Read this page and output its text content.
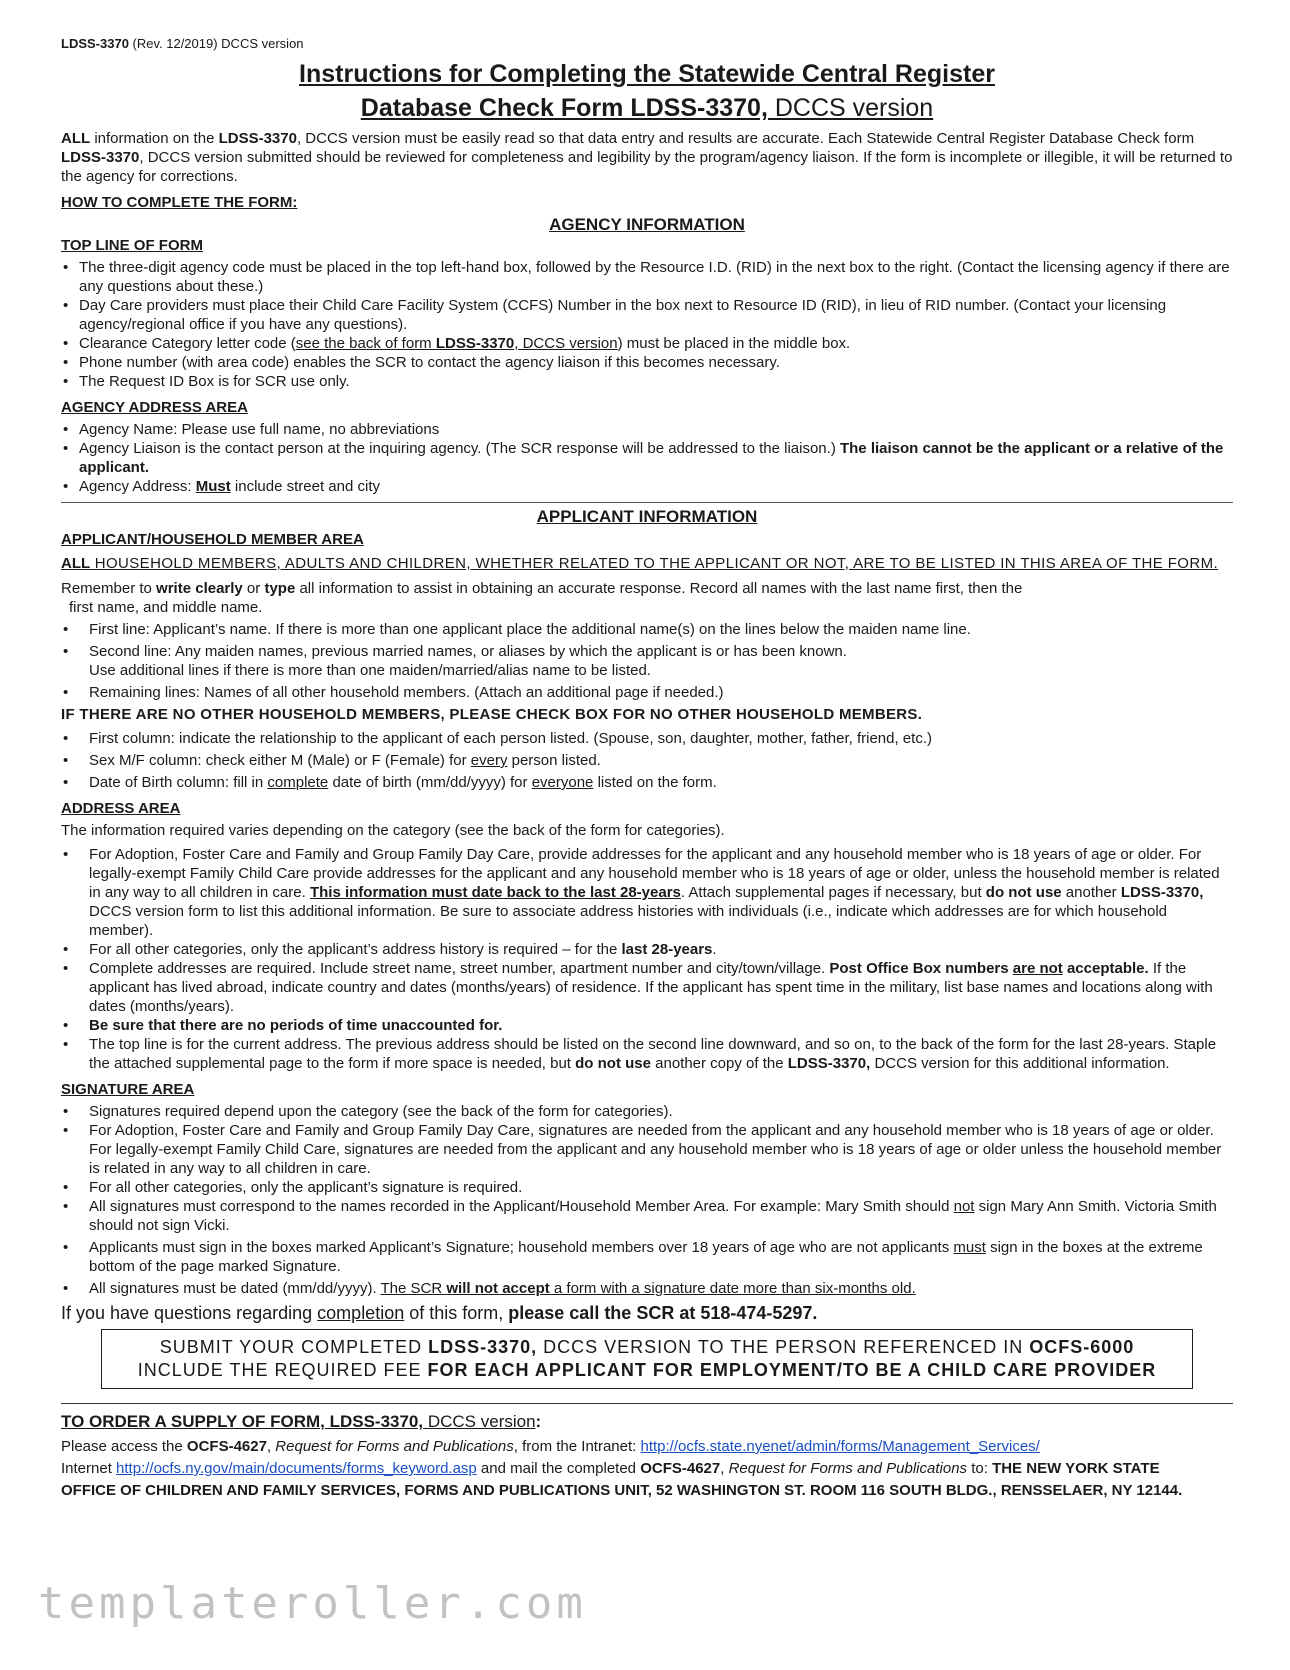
LDSS-3370 (Rev. 12/2019) DCCS version
Instructions for Completing the Statewide Central Register
Database Check Form LDSS-3370, DCCS version

ALL information on the LDSS-3370, DCCS version must be easily read so that data entry and results are accurate. Each Statewide Central Register Database Check form LDSS-3370, DCCS version submitted should be reviewed for completeness and legibility by the program/agency liaison. If the form is incomplete or illegible, it will be returned to the agency for corrections.

HOW TO COMPLETE THE FORM:
AGENCY INFORMATION
TOP LINE OF FORM
• The three-digit agency code must be placed in the top left-hand box, followed by the Resource I.D. (RID) in the next box to the right. (Contact the licensing agency if there are any questions about these.)
• Day Care providers must place their Child Care Facility System (CCFS) Number in the box next to Resource ID (RID), in lieu of RID number. (Contact your licensing agency/regional office if you have any questions).
• Clearance Category letter code (see the back of form LDSS-3370, DCCS version) must be placed in the middle box.
• Phone number (with area code) enables the SCR to contact the agency liaison if this becomes necessary.
• The Request ID Box is for SCR use only.
AGENCY ADDRESS AREA
• Agency Name: Please use full name, no abbreviations
• Agency Liaison is the contact person at the inquiring agency. (The SCR response will be addressed to the liaison.) The liaison cannot be the applicant or a relative of the applicant.
• Agency Address: Must include street and city
APPLICANT INFORMATION
APPLICANT/HOUSEHOLD MEMBER AREA

ALL HOUSEHOLD MEMBERS, ADULTS AND CHILDREN, WHETHER RELATED TO THE APPLICANT OR NOT, ARE TO BE LISTED IN THIS AREA OF THE FORM.

Remember to write clearly or type all information to assist in obtaining an accurate response. Record all names with the last name first, then the
first name, and middle name.

• First line: Applicant’s name. If there is more than one applicant place the additional name(s) on the lines below the maiden name line.
• Second line: Any maiden names, previous married names, or aliases by which the applicant is or has been known.
Use additional lines if there is more than one maiden/married/alias name to be listed.
• Remaining lines: Names of all other household members. (Attach an additional page if needed.)
IF THERE ARE NO OTHER HOUSEHOLD MEMBERS, PLEASE CHECK BOX FOR NO OTHER HOUSEHOLD MEMBERS.
• First column: indicate the relationship to the applicant of each person listed. (Spouse, son, daughter, mother, father, friend, etc.)
• Sex M/F column: check either M (Male) or F (Female) for every person listed.
• Date of Birth column: fill in complete date of birth (mm/dd/yyyy) for everyone listed on the form.
ADDRESS AREA

The information required varies depending on the category (see the back of the form for categories).

• For Adoption, Foster Care and Family and Group Family Day Care, provide addresses for the applicant and any household member who is 18 years of age or older. For legally-exempt Family Child Care provide addresses for the applicant and any household member who is 18 years of age or older, unless the household member is related in any way to all children in care. This information must date back to the last 28-years. Attach supplemental pages if necessary, but do not use another LDSS-3370, DCCS version form to list this additional information. Be sure to associate address histories with individuals (i.e., indicate which addresses are for which household member).
• For all other categories, only the applicant’s address history is required – for the last 28-years.
• Complete addresses are required. Include street name, street number, apartment number and city/town/village. Post Office Box numbers are not acceptable. If the applicant has lived abroad, indicate country and dates (months/years) of residence. If the applicant has spent time in the military, list base names and locations along with dates (months/years).
• Be sure that there are no periods of time unaccounted for.
• The top line is for the current address. The previous address should be listed on the second line downward, and so on, to the back of the form for the last 28-years. Staple the attached supplemental page to the form if more space is needed, but do not use another copy of the LDSS-3370, DCCS version for this additional information.
SIGNATURE AREA
• Signatures required depend upon the category (see the back of the form for categories).
• For Adoption, Foster Care and Family and Group Family Day Care, signatures are needed from the applicant and any household member who is 18 years of age or older. For legally-exempt Family Child Care, signatures are needed from the applicant and any household member who is 18 years of age or older unless the household member is related in any way to all children in care.
• For all other categories, only the applicant’s signature is required.
• All signatures must correspond to the names recorded in the Applicant/Household Member Area. For example: Mary Smith should not sign Mary Ann Smith. Victoria Smith should not sign Vicki.
• Applicants must sign in the boxes marked Applicant’s Signature; household members over 18 years of age who are not applicants must sign in the boxes at the extreme bottom of the page marked Signature.
• All signatures must be dated (mm/dd/yyyy). The SCR will not accept a form with a signature date more than six-months old.

If you have questions regarding completion of this form, please call the SCR at 518-474-5297.

SUBMIT YOUR COMPLETED LDSS-3370, DCCS VERSION TO THE PERSON REFERENCED IN OCFS-6000
INCLUDE THE REQUIRED FEE FOR EACH APPLICANT FOR EMPLOYMENT/TO BE A CHILD CARE PROVIDER
TO ORDER A SUPPLY OF FORM, LDSS-3370, DCCS version:

Please access the OCFS-4627, Request for Forms and Publications, from the Intranet: http://ocfs.state.nyenet/admin/forms/Management_Services/

Internet http://ocfs.ny.gov/main/documents/forms_keyword.asp and mail the completed OCFS-4627, Request for Forms and Publications to: THE NEW YORK STATE

OFFICE OF CHILDREN AND FAMILY SERVICES, FORMS AND PUBLICATIONS UNIT, 52 WASHINGTON ST. ROOM 116 SOUTH BLDG., RENSSELAER, NY 12144.

templateroller.com
